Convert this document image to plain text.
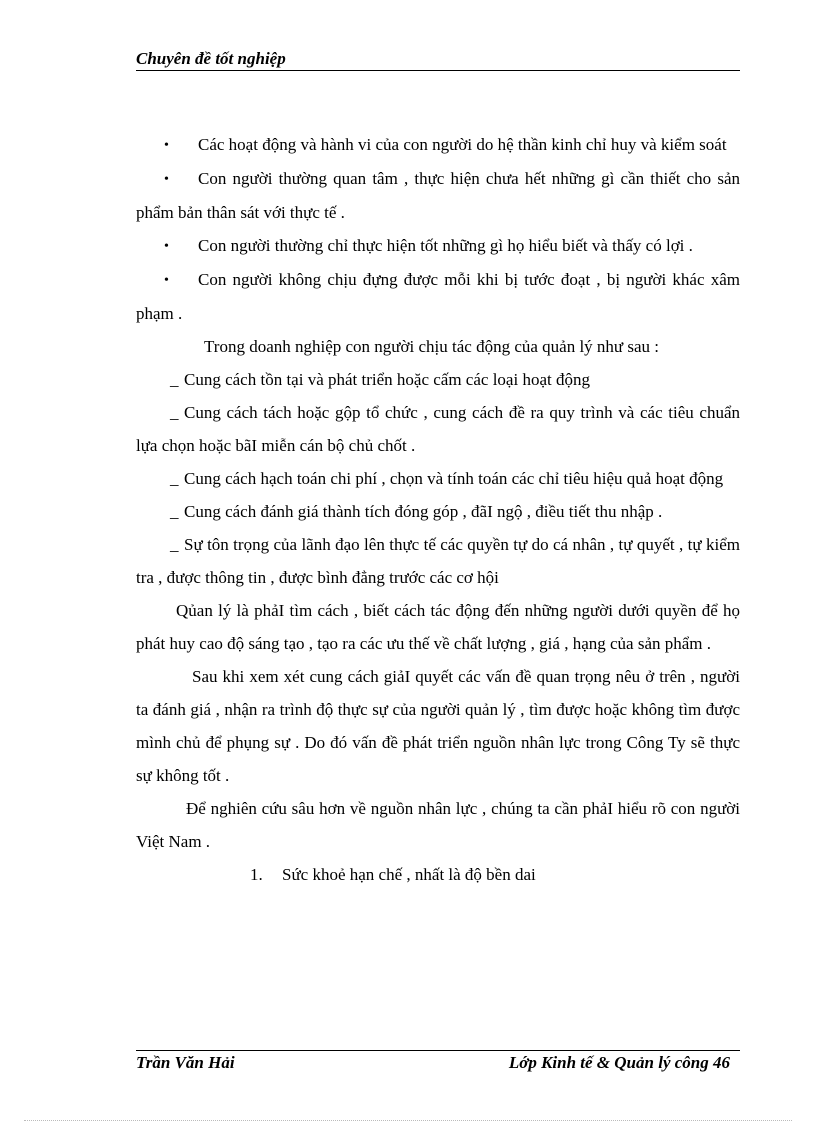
Chuyên đề tốt nghiệp

• Các hoạt động và hành vi của con người do hệ thần kinh chỉ huy và kiểm soát

• Con người thường quan tâm , thực hiện chưa hết những gì cần thiết cho sản phẩm bản thân sát với thực tế .

• Con người thường chỉ thực hiện tốt những gì họ hiểu biết và thấy có lợi .

• Con người không chịu đựng được mỗi khi bị tước đoạt , bị người khác xâm phạm .

Trong doanh nghiệp con người chịu tác động của quản lý như sau :

_ Cung cách tồn tại và phát triển hoặc cấm các loại hoạt động

_ Cung cách tách hoặc gộp tổ chức , cung cách đề ra quy trình và các tiêu chuẩn lựa chọn hoặc bãI miễn cán bộ chủ chốt .

_ Cung cách hạch toán chi phí , chọn và tính toán các chỉ tiêu hiệu quả hoạt động

_ Cung cách đánh giá thành tích đóng góp , đãI ngộ , điều tiết thu nhập .

_ Sự tôn trọng của lãnh đạo lên thực tế các quyền tự do cá nhân , tự quyết , tự kiểm tra , được thông tin , được bình đẳng trước các cơ hội

Qủan lý là phảI tìm cách , biết cách tác động đến những người dưới quyền để họ phát huy cao độ sáng tạo , tạo ra các ưu thế về chất lượng , giá , hạng của sản phẩm .

Sau khi xem xét cung cách giảI quyết các vấn đề quan trọng nêu ở trên , người ta đánh giá , nhận ra trình độ thực sự của người quản lý , tìm được hoặc không tìm được mình chủ để phụng sự . Do đó vấn đề phát triển nguồn nhân lực trong Công Ty sẽ thực sự không tốt .

Để nghiên cứu sâu hơn về nguồn nhân lực , chúng ta cần phảI hiểu rõ con người Việt Nam .

1. Sức khoẻ hạn chế , nhất là độ bền dai

Trần Văn Hải	Lớp Kinh tế & Quản lý công 46
